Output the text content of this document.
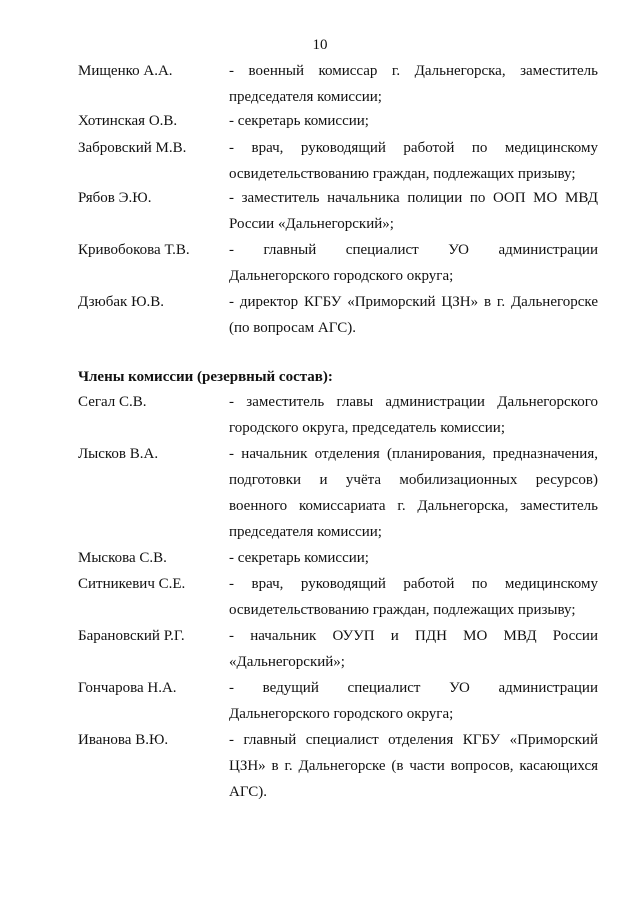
10
Мищенко А.А.	- военный комиссар г. Дальнегорска, заместитель председателя комиссии;
Хотинская О.В.	- секретарь комиссии;
Забровский М.В.	- врач, руководящий работой по медицинскому освидетельствованию граждан, подлежащих призыву;
Рябов Э.Ю.	- заместитель начальника полиции по ООП МО МВД России «Дальнегорский»;
Кривобокова Т.В.	- главный специалист УО администрации Дальнегорского городского округа;
Дзюбак Ю.В.	- директор КГБУ «Приморский ЦЗН» в г. Дальнегорске (по вопросам АГС).
Члены комиссии (резервный состав):
Сегал С.В.	- заместитель главы администрации Дальнегорского городского округа, председатель комиссии;
Лысков В.А.	- начальник отделения (планирования, предназначения, подготовки и учёта мобилизационных ресурсов) военного комиссариата г. Дальнегорска, заместитель председателя комиссии;
Мыскова С.В.	- секретарь комиссии;
Ситникевич С.Е.	- врач, руководящий работой по медицинскому освидетельствованию граждан, подлежащих призыву;
Барановский Р.Г.	- начальник ОУУП и ПДН МО МВД России «Дальнегорский»;
Гончарова Н.А.	- ведущий специалист УО администрации Дальнегорского городского округа;
Иванова В.Ю.	- главный специалист отделения КГБУ «Приморский ЦЗН» в г. Дальнегорске (в части вопросов, касающихся АГС).
